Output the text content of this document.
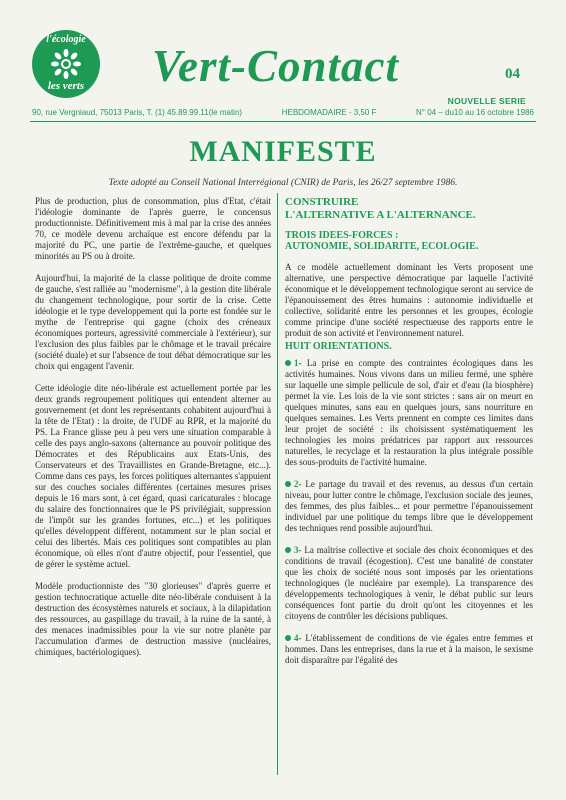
l'écologie
les verts	Vert-Contact	04
NOUVELLE SERIE
90, rue Vergniaud, 75013 Paris, T. (1) 45.89.99.11(le matin)	HEBDOMADAIRE - 3,50 F	N° 04 – du10 au 16 octobre 1986
MANIFESTE
Texte adopté au Conseil National Interrégional (CNIR) de Paris, les 26/27 septembre 1986.

Plus de production, plus de consommation, plus d'Etat, c'était l'idéologie dominante de l'après guerre, le concensus productionniste. Définitivement mis à mal par la crise des années 70, ce modèle devenu archaïque est encore défendu par la majorité du PC, une partie de l'extrême-gauche, et quelques minorités au PS ou à droite.

Aujourd'hui, la majorité de la classe politique de droite comme de gauche, s'est ralliée au "modernisme", à la gestion dite libérale du changement technologique, pour sortir de la crise. Cette idéologie et le type developpement qui la porte est fondée sur le mythe de l'entreprise qui gagne (choix des créneaux économiques porteurs, agressivité commerciale à l'extérieur), sur l'exclusion des plus faibles par le chômage et le travail précaire (société duale) et sur l'absence de tout débat démocratique sur les choix qui engagent l'avenir.

Cette idéologie dite néo-libérale est actuellement portée par les deux grands regroupement politiques qui entendent alterner au gouvernement (et dont les représentants cohabitent aujourd'hui à la tête de l'Etat) : la droite, de l'UDF au RPR, et la majorité du PS. La France glisse peu à peu vers une situation comparable à celle des pays anglo-saxons (alternance au pouvoir politique des Démocrates et des Républicains aux Etats-Unis, des Conservateurs et des Travaillistes en Grande-Bretagne, etc...). Comme dans ces pays, les forces politiques alternantes s'appuient sur des couches sociales différentes (certaines mesures prises depuis le 16 mars sont, à cet égard, quasi caricaturales : blocage du salaire des fonctionnaires que le PS privilégiait, suppression de l'impôt sur les grandes fortunes, etc...) et les politiques qu'elles développent diffèrent, notamment sur le plan social et celui des libertés. Mais ces politiques sont compatibles au plan économique, où elles n'ont d'autre objectif, pour l'essentiel, que de gérer le système actuel.

Modèle productionniste des "30 glorieuses" d'après guerre et gestion technocratique actuelle dite néo-libérale conduisent à la destruction des écosystèmes naturels et sociaux, à la dilapidation des ressources, au gaspillage du travail, à la ruine de la santé, à des menaces inadmissibles pour la vie sur notre planète par l'accumulation d'armes de destruction massive (nucléaires, chimiques, bactériologiques).

CONSTRUIRE
L'ALTERNATIVE A L'ALTERNANCE.
TROIS IDEES-FORCES :
AUTONOMIE, SOLIDARITE, ECOLOGIE.

A ce modèle actuellement dominant les Verts proposent une alternative, une perspective démocratique par laquelle l'activité économique et le développement technologique seront au service de l'épanouissement des êtres humains : autonomie individuelle et collective, solidarité entre les personnes et les groupes, écologie comme principe d'une société respectueuse des rapports entre le produit de son activité et l'environnement naturel.

HUIT ORIENTATIONS.

1- La prise en compte des contraintes écologiques dans les activités humaines. Nous vivons dans un milieu fermé, une sphère sur laquelle une simple pellicule de sol, d'air et d'eau (la biosphère) permet la vie. Les lois de la vie sont strictes : sans air on meurt en quelques minutes, sans eau en quelques jours, sans nourriture en quelques semaines. Les Verts prennent en compte ces limites dans leur projet de société : ils choisissent systématiquement les technologies les moins prédatrices par rapport aux ressources naturelles, le recyclage et la restauration la plus intégrale possible des sous-produits de l'activité humaine.

2- Le partage du travail et des revenus, au dessus d'un certain niveau, pour lutter contre le chômage, l'exclusion sociale des jeunes, des femmes, des plus faibles... et pour permettre l'épanouissement individuel par une politique du temps libre que le développement des techniques rend possible aujourd'hui.

3- La maîtrise collective et sociale des choix économiques et des conditions de travail (écogestion). C'est une banalité de constater que les choix de société nous sont imposés par les orientations technologiques (le nucléaire par exemple). La transparence des développements technologiques à venir, le débat public sur leurs conséquences font partie du droit qu'ont les citoyennes et les citoyens de contrôler les décisions publiques.

4- L'établissement de conditions de vie égales entre femmes et hommes. Dans les entreprises, dans la rue et à la maison, le sexisme doit disparaître par l'égalité des
